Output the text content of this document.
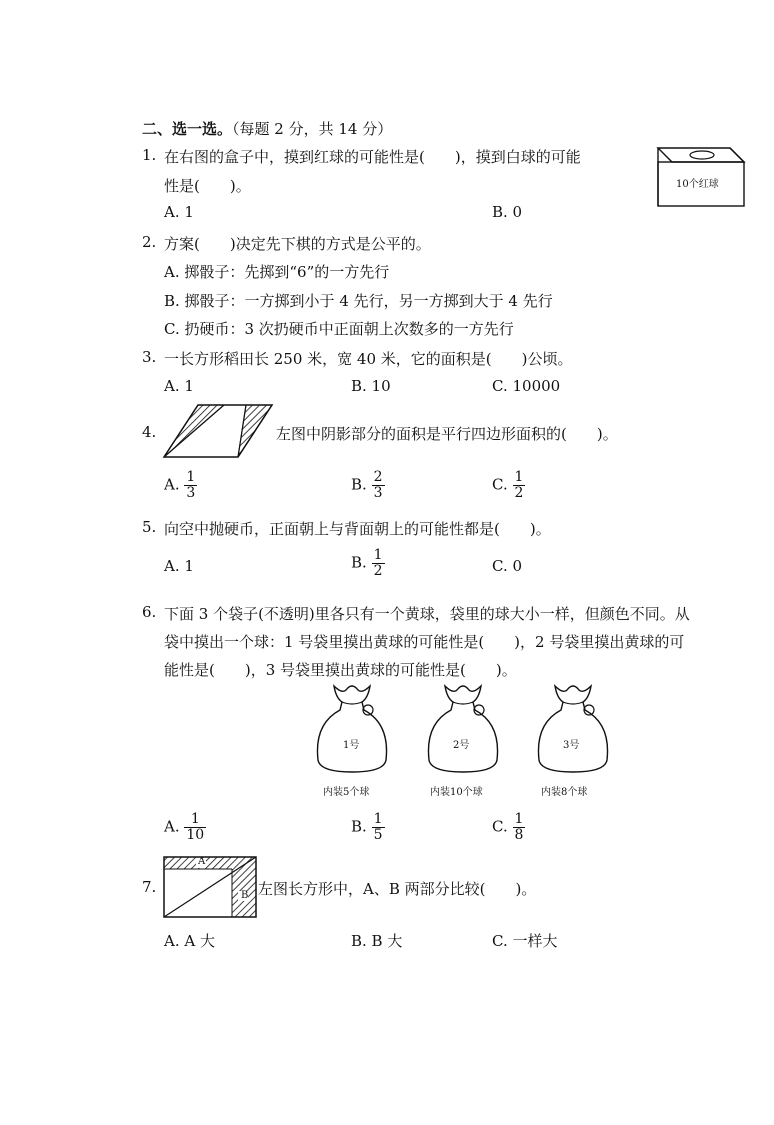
二、选一选。（每题 2 分，共 14 分）
1. 在右图的盒子中，摸到红球的可能性是(　　)，摸到白球的可能
性是(　　)。
A. 1	B. 0
10个红球
2. 方案(　　)决定先下棋的方式是公平的。
A. 掷骰子：先掷到“6”的一方先行
B. 掷骰子：一方掷到小于 4 先行，另一方掷到大于 4 先行
C. 扔硬币：3 次扔硬币中正面朝上次数多的一方先行
3. 一长方形稻田长 250 米，宽 40 米，它的面积是(　　)公顷。
A. 1	B. 10	C. 10000
4.	左图中阴影部分的面积是平行四边形面积的(　　)。
A. $\frac{1}{3}$	B. $\frac{2}{3}$	C. $\frac{1}{2}$
5. 向空中抛硬币，正面朝上与背面朝上的可能性都是(　　)。
A. 1	B. $\frac{1}{2}$	C. 0
6. 下面 3 个袋子(不透明)里各只有一个黄球，袋里的球大小一样，但颜色不同。从
袋中摸出一个球：1 号袋里摸出黄球的可能性是(　　)，2 号袋里摸出黄球的可
能性是(　　)，3 号袋里摸出黄球的可能性是(　　)。
1号
内装5个球
2号
内装10个球
3号
内装8个球
A. $\frac{1}{10}$	B. $\frac{1}{5}$	C. $\frac{1}{8}$
7.
A
B 左图长方形中，A、B 两部分比较(　　)。
A. A 大	B. B 大	C. 一样大
